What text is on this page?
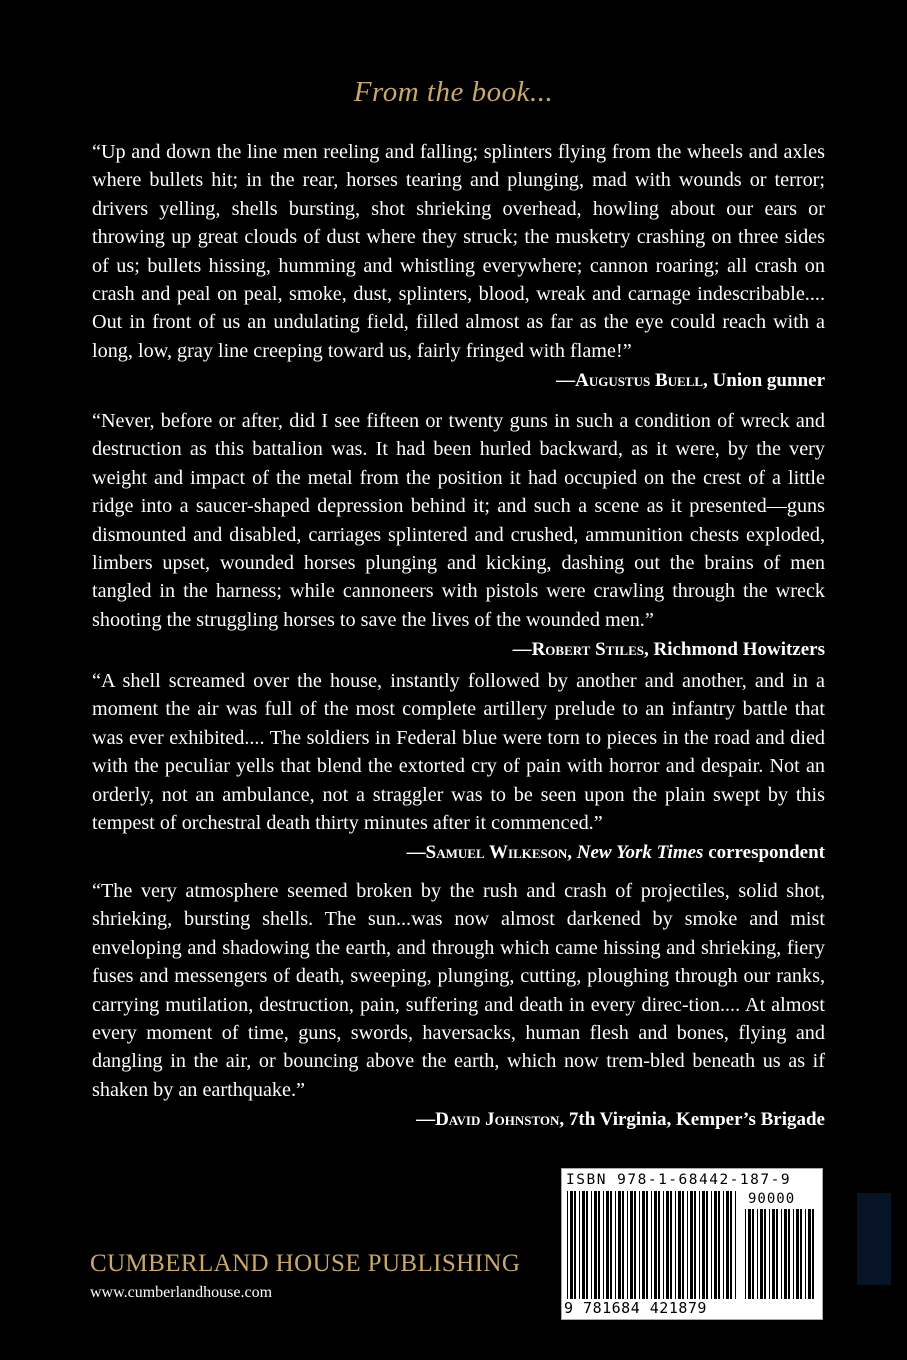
From the book...

“Up and down the line men reeling and falling; splinters flying from the wheels and axles where bullets hit; in the rear, horses tearing and plunging, mad with wounds or terror; drivers yelling, shells bursting, shot shrieking overhead, howling about our ears or throwing up great clouds of dust where they struck; the musketry crashing on three sides of us; bullets hissing, humming and whistling everywhere; cannon roaring; all crash on crash and peal on peal, smoke, dust, splinters, blood, wreak and carnage indescribable.... Out in front of us an undulating field, filled almost as far as the eye could reach with a long, low, gray line creeping toward us, fairly fringed with flame!”

—Augustus Buell, Union gunner

“Never, before or after, did I see fifteen or twenty guns in such a condition of wreck and destruction as this battalion was. It had been hurled backward, as it were, by the very weight and impact of the metal from the position it had occupied on the crest of a little ridge into a saucer-shaped depression behind it; and such a scene as it presented—guns dismounted and disabled, carriages splintered and crushed, ammunition chests exploded, limbers upset, wounded horses plunging and kicking, dashing out the brains of men tangled in the harness; while cannoneers with pistols were crawling through the wreck shooting the struggling horses to save the lives of the wounded men.”

—Robert Stiles, Richmond Howitzers

“A shell screamed over the house, instantly followed by another and another, and in a moment the air was full of the most complete artillery prelude to an infantry battle that was ever exhibited.... The soldiers in Federal blue were torn to pieces in the road and died with the peculiar yells that blend the extorted cry of pain with horror and despair. Not an orderly, not an ambulance, not a straggler was to be seen upon the plain swept by this tempest of orchestral death thirty minutes after it commenced.”

—Samuel Wilkeson, New York Times correspondent

“The very atmosphere seemed broken by the rush and crash of projectiles, solid shot, shrieking, bursting shells. The sun...was now almost darkened by smoke and mist enveloping and shadowing the earth, and through which came hissing and shrieking, fiery fuses and messengers of death, sweeping, plunging, cutting, ploughing through our ranks, carrying mutilation, destruction, pain, suffering and death in every direc-tion.... At almost every moment of time, guns, swords, haversacks, human flesh and bones, flying and dangling in the air, or bouncing above the earth, which now trem-bled beneath us as if shaken by an earthquake.”

—David Johnston, 7th Virginia, Kemper’s Brigade
CUMBERLAND HOUSE PUBLISHING
www.cumberlandhouse.com
ISBN 978-1-68442-187-9
90000
9 781684 421879
